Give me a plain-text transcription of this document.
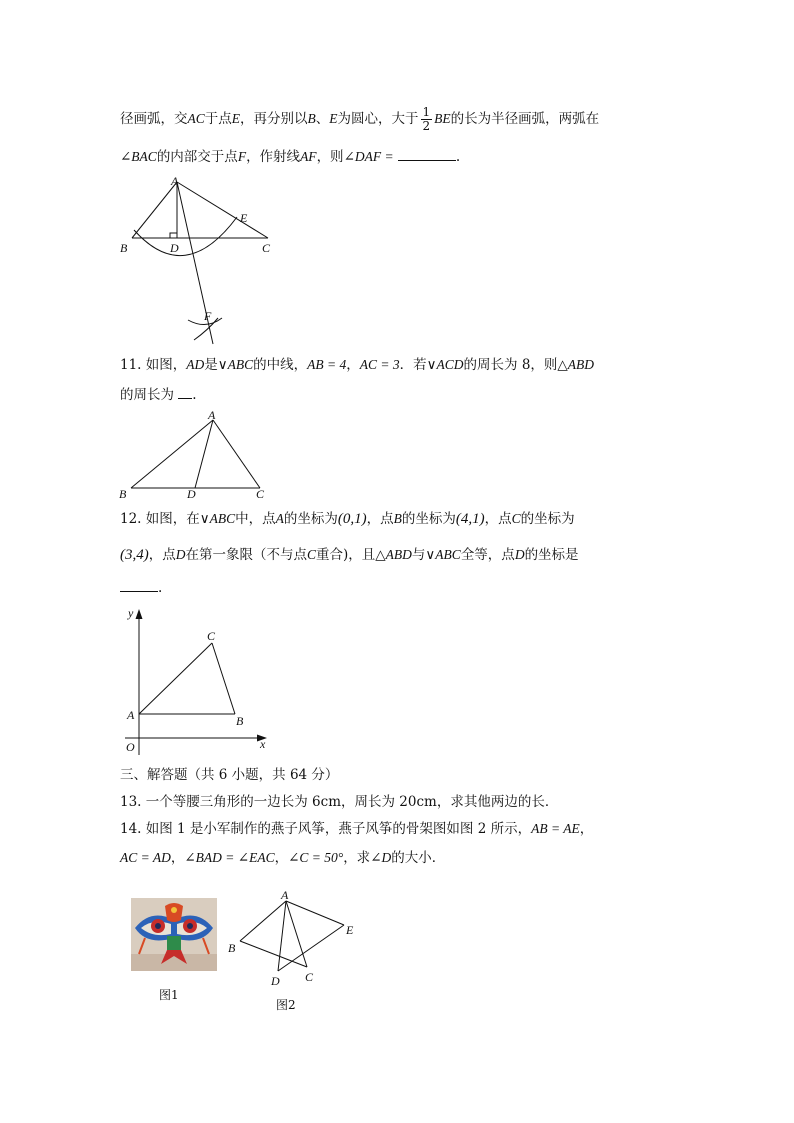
径画弧，交AC于点E，再分别以B、E为圆心，大于 $\frac{1}{2}$ BE的长为半径画弧，两弧在
∠BAC的内部交于点F，作射线AF，则∠DAF =	.
A
B	D	C
E
F
11. 如图，AD是∨ABC的中线，AB = 4，AC = 3．若∨ACD的周长为 8，则△ABD
的周长为 .
A
B	D	C
12. 如图，在∨ABC中，点A的坐标为(0,1)，点B的坐标为(4,1)，点C的坐标为
(3,4)，点D在第一象限（不与点C重合)，且△ABD与∨ABC全等，点D的坐标是
.
y
x
O
A	B
C
三、解答题（共 6 小题，共 64 分）
13. 一个等腰三角形的一边长为 6cm，周长为 20cm，求其他两边的长．
14. 如图 1 是小军制作的燕子风筝，燕子风筝的骨架图如图 2 所示，AB = AE，
AC = AD，∠BAD = ∠EAC，∠C = 50°，求∠D的大小．
图1
A
B
E
D C
图2
